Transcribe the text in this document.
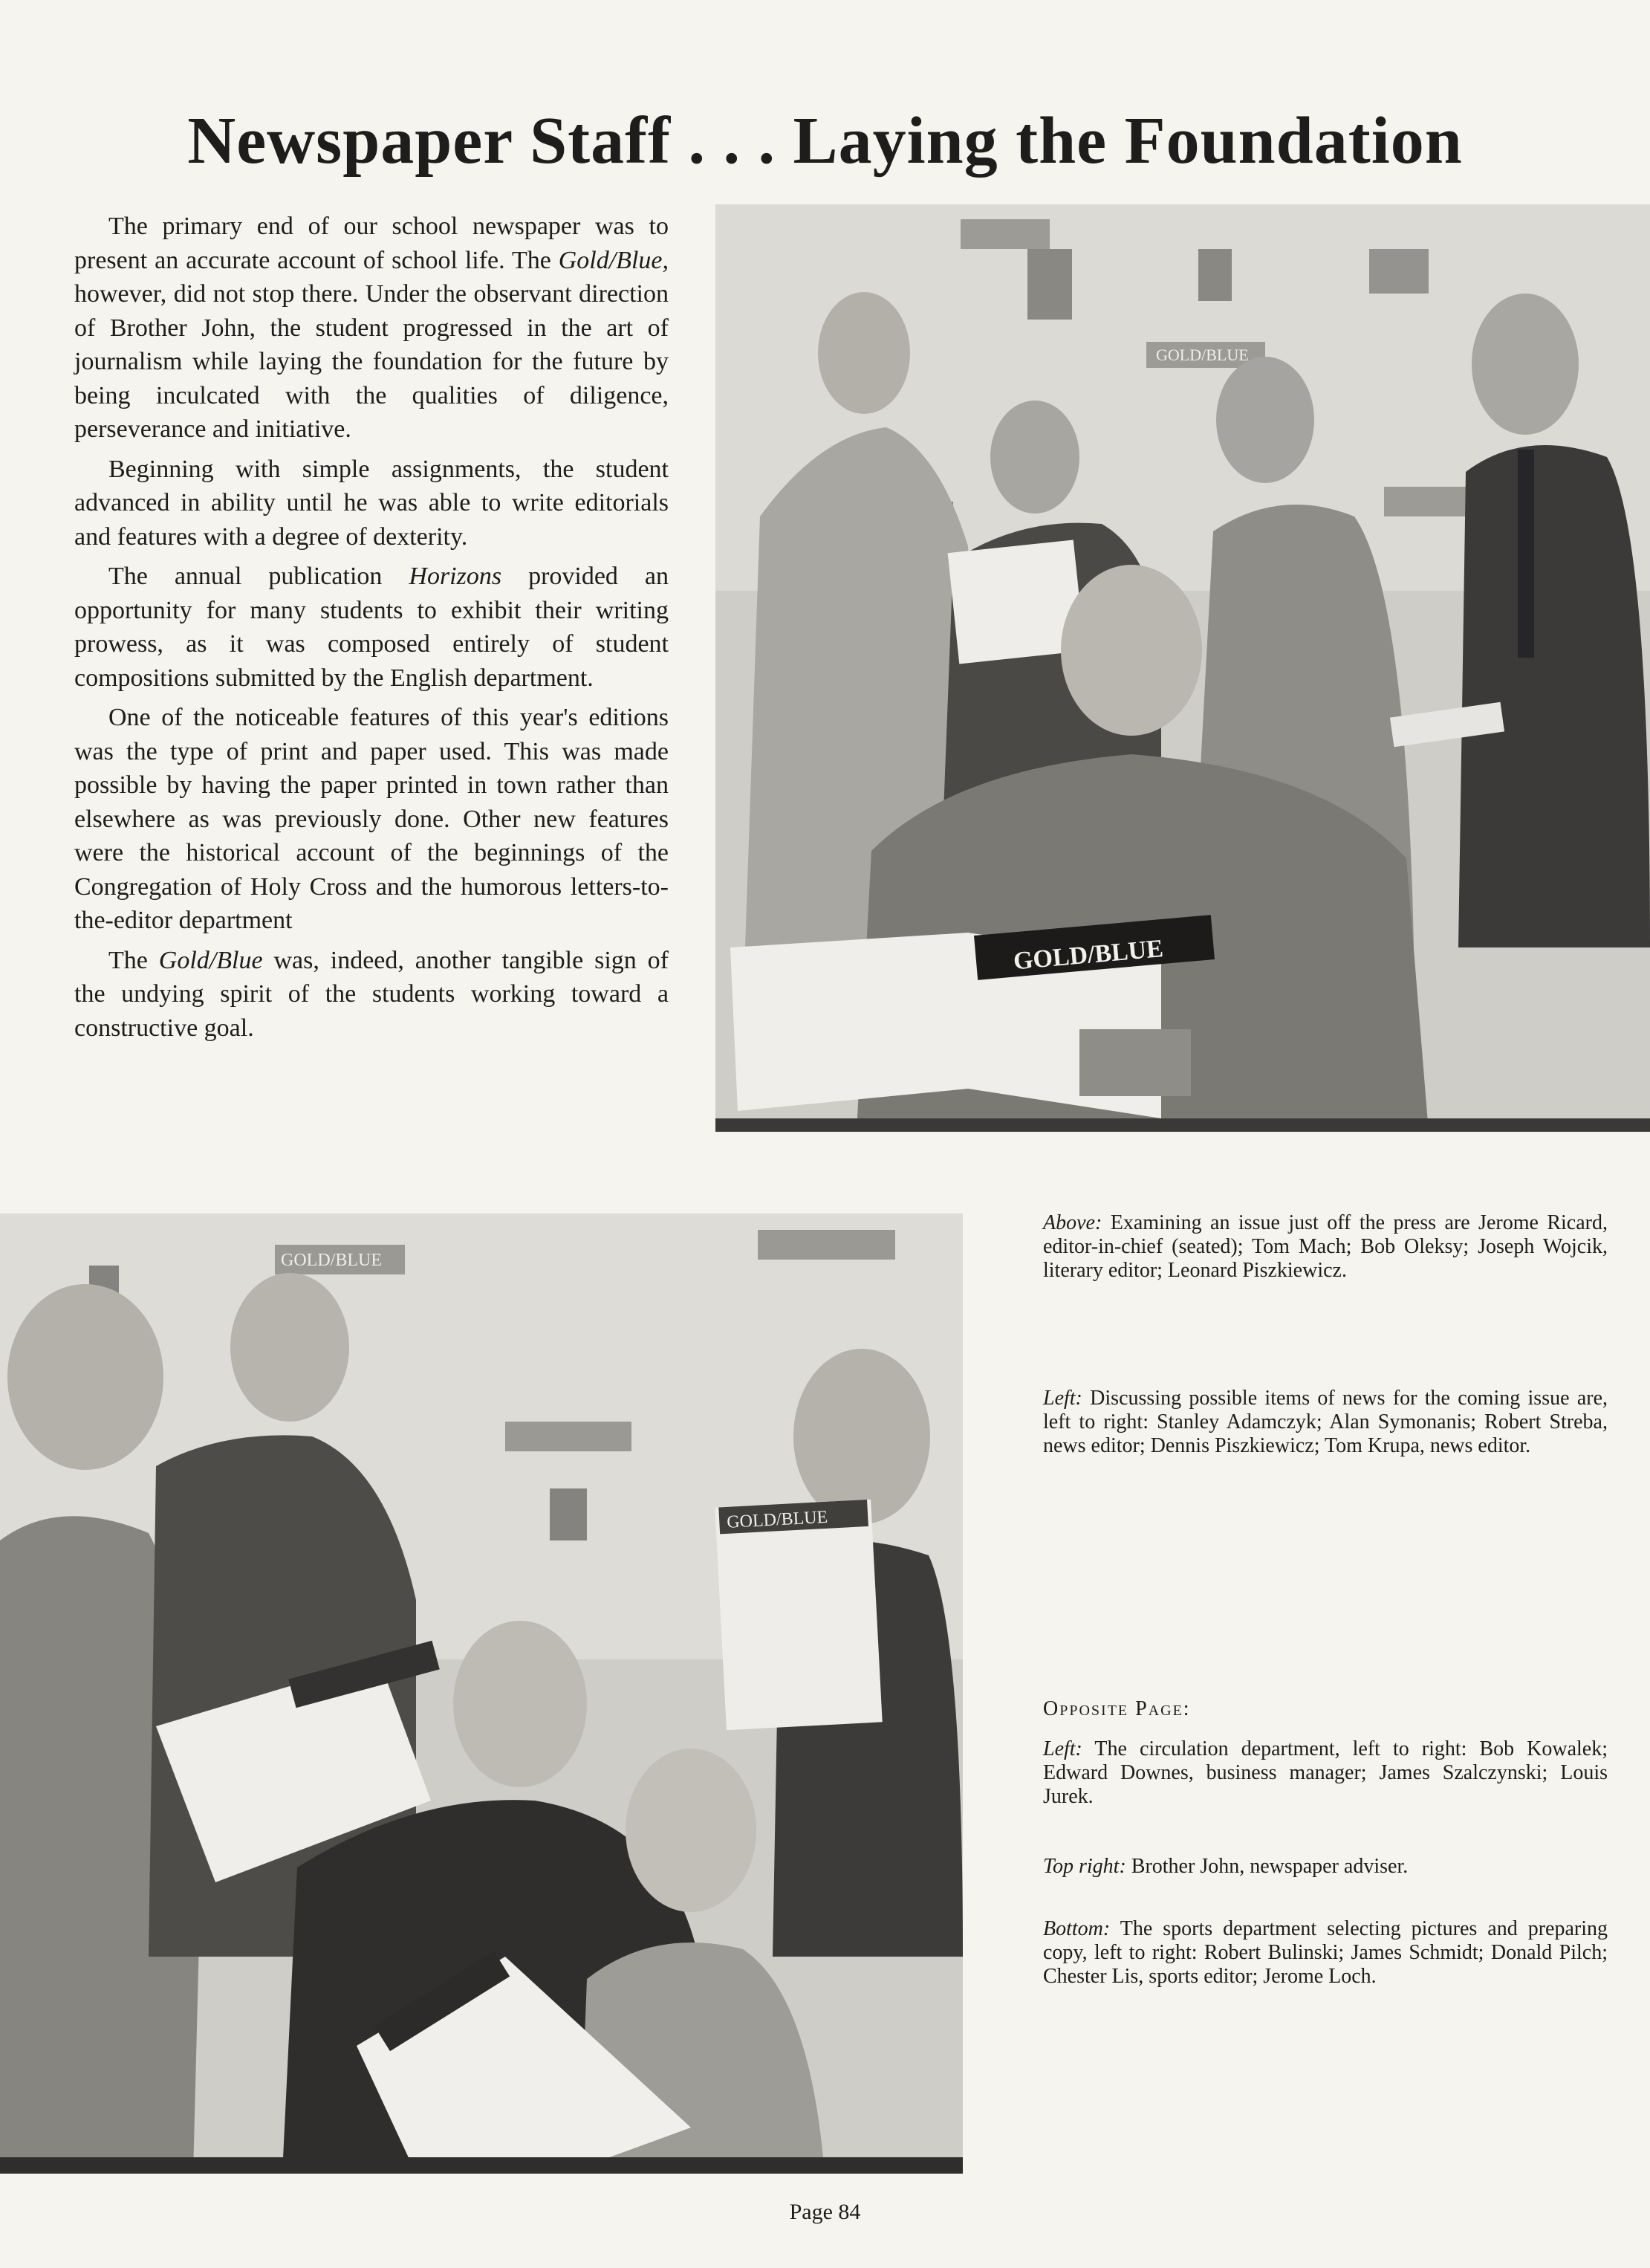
Newspaper Staff . . . Laying the Foundation

The primary end of our school newspaper was to present an accurate account of school life. The Gold/Blue, however, did not stop there. Under the observant direction of Brother John, the student progressed in the art of journalism while laying the foundation for the future by being inculcated with the qualities of diligence, perseverance and initiative.

Beginning with simple assignments, the student advanced in ability until he was able to write editorials and features with a degree of dexterity.

The annual publication Horizons provided an opportunity for many students to exhibit their writing prowess, as it was composed entirely of student compositions submitted by the English department.

One of the noticeable features of this year's editions was the type of print and paper used. This was made possible by having the paper printed in town rather than elsewhere as was previously done. Other new features were the historical account of the beginnings of the Congregation of Holy Cross and the humorous letters-to-the-editor department

The Gold/Blue was, indeed, another tangible sign of the undying spirit of the students working toward a constructive goal.

GOLD/BLUE
GOLD/BLUE
GOLD/BLUE
GOLD/BLUE
Above: Examining an issue just off the press are Jerome Ricard, editor-in-chief (seated); Tom Mach; Bob Oleksy; Joseph Wojcik, literary editor; Leonard Piszkiewicz.
Left: Discussing possible items of news for the coming issue are, left to right: Stanley Adamczyk; Alan Symonanis; Robert Streba, news editor; Dennis Piszkiewicz; Tom Krupa, news editor.
Opposite Page:
Left: The circulation department, left to right: Bob Kowalek; Edward Downes, business manager; James Szalczynski; Louis Jurek.
Top right: Brother John, newspaper adviser.
Bottom: The sports department selecting pictures and preparing copy, left to right: Robert Bulinski; James Schmidt; Donald Pilch; Chester Lis, sports editor; Jerome Loch.
Page 84
